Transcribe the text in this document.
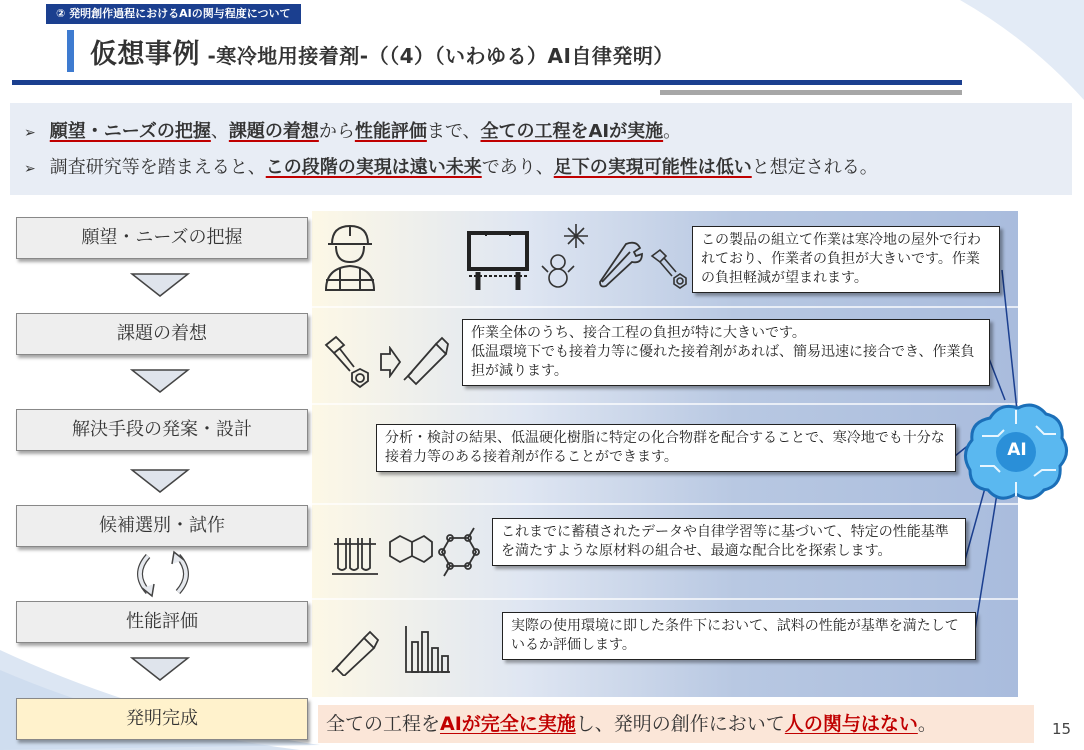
② 発明創作過程におけるAIの関与程度について
仮想事例 -寒冷地用接着剤-（（4）（いわゆる）AI自律発明）
➢ 願望・ニーズの把握、課題の着想から性能評価まで、全ての工程をAIが実施。
➢ 調査研究等を踏まえると、この段階の実現は遠い未来であり、足下の実現可能性は低いと想定される。
願望・ニーズの把握
課題の着想
解決手段の発案・設計
候補選別・試作
性能評価
発明完成
この製品の組立て作業は寒冷地の屋外で行われており、作業者の負担が大きいです。作業の負担軽減が望まれます。
作業全体のうち、接合工程の負担が特に大きいです。
低温環境下でも接着力等に優れた接着剤があれば、簡易迅速に接合でき、作業負担が減ります。
分析・検討の結果、低温硬化樹脂に特定の化合物群を配合することで、寒冷地でも十分な接着力等のある接着剤が作ることができます。
これまでに蓄積されたデータや自律学習等に基づいて、特定の性能基準を満たすような原材料の組合せ、最適な配合比を探索します。
実際の使用環境に即した条件下において、試料の性能が基準を満たしているか評価します。
AI
全ての工程をAIが完全に実施し、発明の創作において人の関与はない。	15
